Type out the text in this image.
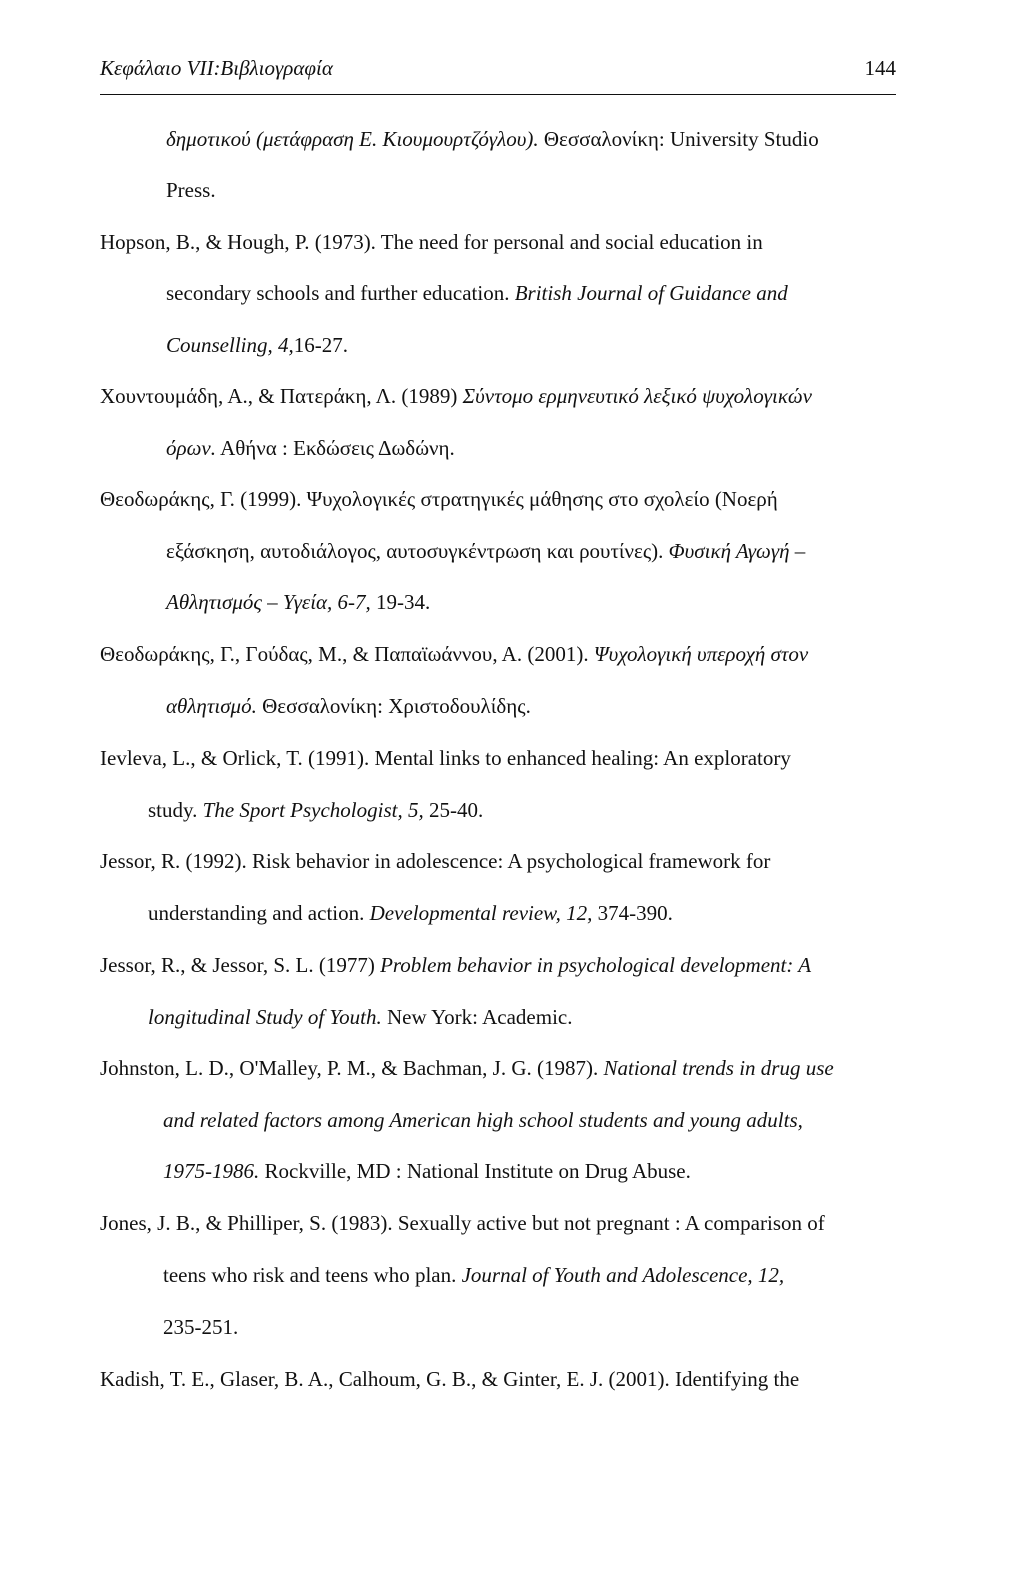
Κεφάλαιο VII:Βιβλιογραφία	144
δημοτικού (μετάφραση Ε. Κιουμουρτζόγλου). Θεσσαλονίκη: University Studio
Press.
Hopson, B., & Hough, P. (1973). The need for personal and social education in
secondary schools and further education. British Journal of Guidance and
Counselling, 4,16-27.
Χουντουμάδη, Α., & Πατεράκη, Λ. (1989) Σύντομο ερμηνευτικό λεξικό ψυχολογικών
όρων. Αθήνα : Εκδώσεις Δωδώνη.
Θεοδωράκης, Γ. (1999). Ψυχολογικές στρατηγικές μάθησης στο σχολείο (Νοερή
εξάσκηση, αυτοδιάλογος, αυτοσυγκέντρωση και ρουτίνες). Φυσική Αγωγή –
Αθλητισμός – Υγεία, 6-7, 19-34.
Θεοδωράκης, Γ., Γούδας, Μ., & Παπαϊωάννου, Α. (2001). Ψυχολογική υπεροχή στον
αθλητισμό. Θεσσαλονίκη: Χριστοδουλίδης.
Ievleva, L., & Orlick, T. (1991). Mental links to enhanced healing: An exploratory
study. The Sport Psychologist, 5, 25-40.
Jessor, R. (1992). Risk behavior in adolescence: A psychological framework for
understanding and action. Developmental review, 12, 374-390.
Jessor, R., & Jessor, S. L. (1977) Problem behavior in psychological development: A
longitudinal Study of Youth. New York: Academic.
Johnston, L. D., O'Malley, P. M., & Bachman, J. G. (1987). National trends in drug use
and related factors among American high school students and young adults,
1975-1986. Rockville, MD : National Institute on Drug Abuse.
Jones, J. B., & Philliper, S. (1983). Sexually active but not pregnant : A comparison of
teens who risk and teens who plan. Journal of Youth and Adolescence, 12,
235-251.
Kadish, T. E., Glaser, B. A., Calhoum, G. B., & Ginter, E. J. (2001). Identifying the
